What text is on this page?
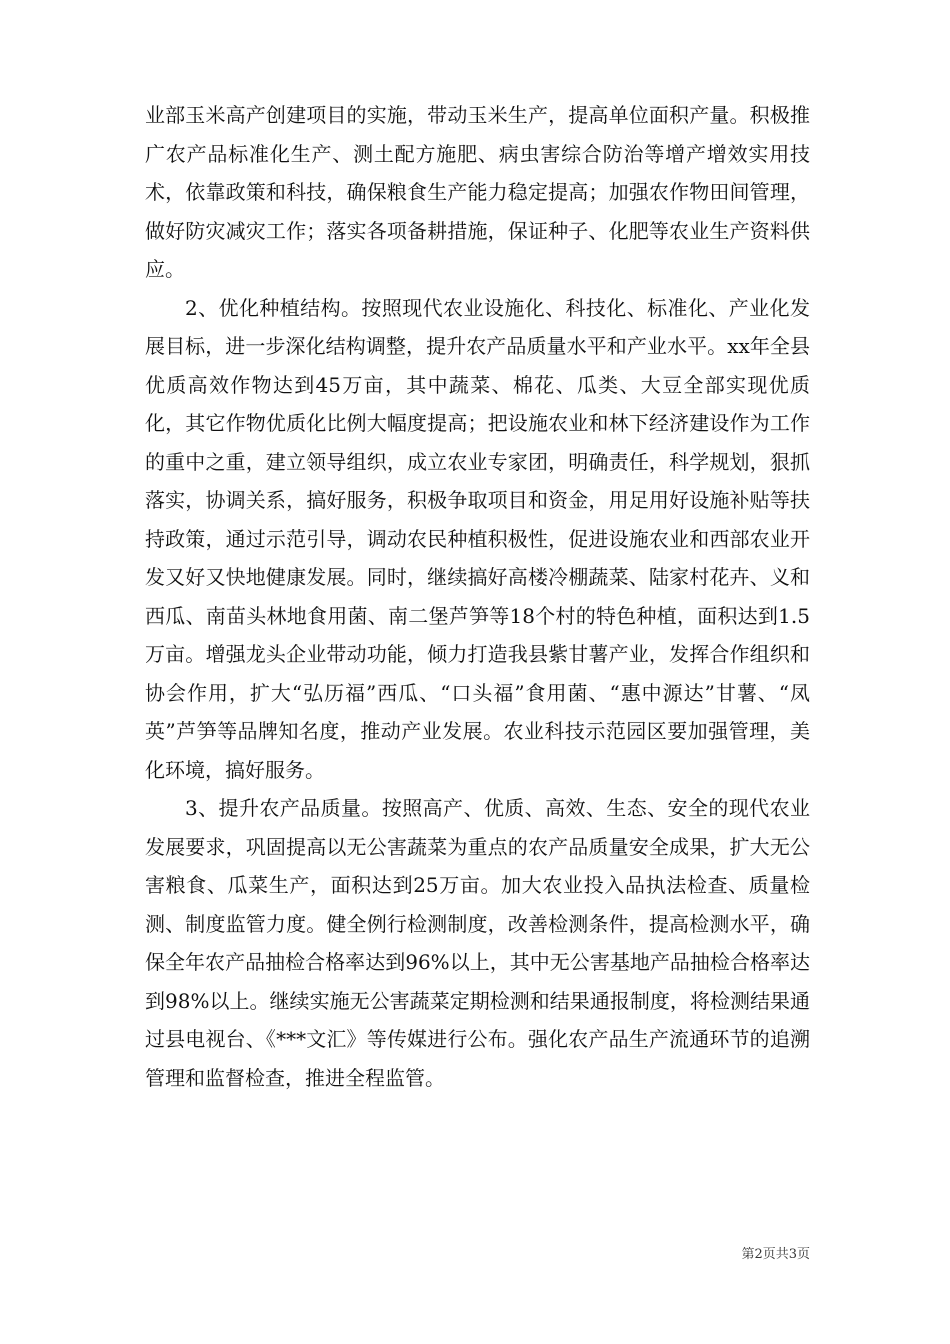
业部玉米高产创建项目的实施，带动玉米生产，提高单位面积产量。积极推广农产品标准化生产、测土配方施肥、病虫害综合防治等增产增效实用技术，依靠政策和科技，确保粮食生产能力稳定提高；加强农作物田间管理，做好防灾减灾工作；落实各项备耕措施，保证种子、化肥等农业生产资料供应。

2、优化种植结构。按照现代农业设施化、科技化、标准化、产业化发展目标，进一步深化结构调整，提升农产品质量水平和产业水平。xx年全县优质高效作物达到45万亩，其中蔬菜、棉花、瓜类、大豆全部实现优质化，其它作物优质化比例大幅度提高；把设施农业和林下经济建设作为工作的重中之重，建立领导组织，成立农业专家团，明确责任，科学规划，狠抓落实，协调关系，搞好服务，积极争取项目和资金，用足用好设施补贴等扶持政策，通过示范引导，调动农民种植积极性，促进设施农业和西部农业开发又好又快地健康发展。同时，继续搞好高楼冷棚蔬菜、陆家村花卉、义和西瓜、南苗头林地食用菌、南二堡芦笋等18个村的特色种植，面积达到1.5万亩。增强龙头企业带动功能，倾力打造我县紫甘薯产业，发挥合作组织和协会作用，扩大“弘历福”西瓜、“口头福”食用菌、“惠中源达”甘薯、“凤英”芦笋等品牌知名度，推动产业发展。农业科技示范园区要加强管理，美化环境，搞好服务。

3、提升农产品质量。按照高产、优质、高效、生态、安全的现代农业发展要求，巩固提高以无公害蔬菜为重点的农产品质量安全成果，扩大无公害粮食、瓜菜生产，面积达到25万亩。加大农业投入品执法检查、质量检测、制度监管力度。健全例行检测制度，改善检测条件，提高检测水平，确保全年农产品抽检合格率达到96%以上，其中无公害基地产品抽检合格率达到98%以上。继续实施无公害蔬菜定期检测和结果通报制度，将检测结果通过县电视台、《***文汇》等传媒进行公布。强化农产品生产流通环节的追溯管理和监督检查，推进全程监管。

第2页共3页
